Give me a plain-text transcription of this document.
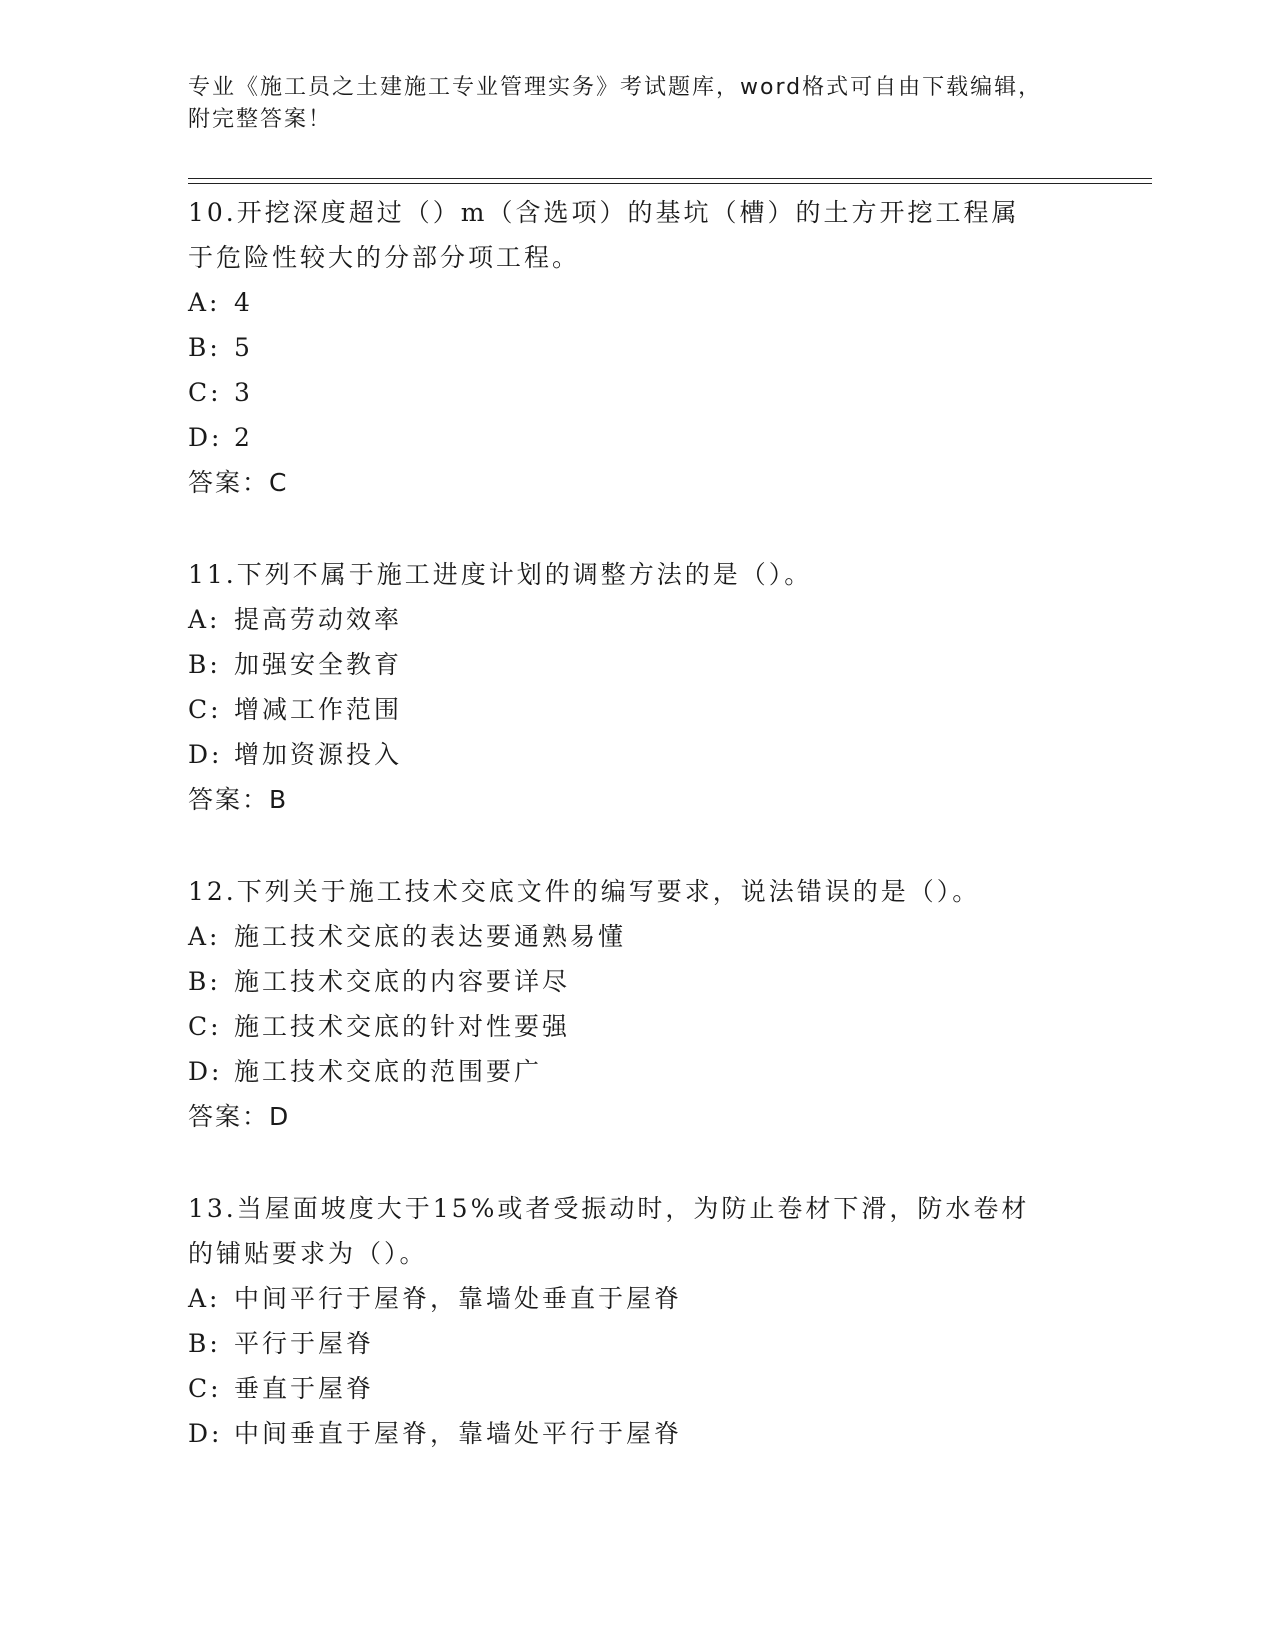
专业《施工员之土建施工专业管理实务》考试题库，word格式可自由下载编辑，
附完整答案！
10.开挖深度超过（）m（含选项）的基坑（槽）的土方开挖工程属于危险性较大的分部分项工程。
A: 4
B: 5
C: 3
D: 2
答案：C
11.下列不属于施工进度计划的调整方法的是（）。
A: 提高劳动效率
B: 加强安全教育
C: 增减工作范围
D: 增加资源投入
答案：B
12.下列关于施工技术交底文件的编写要求，说法错误的是（）。
A: 施工技术交底的表达要通熟易懂
B: 施工技术交底的内容要详尽
C: 施工技术交底的针对性要强
D: 施工技术交底的范围要广
答案：D
13.当屋面坡度大于15%或者受振动时，为防止卷材下滑，防水卷材的铺贴要求为（）。
A: 中间平行于屋脊，靠墙处垂直于屋脊
B: 平行于屋脊
C: 垂直于屋脊
D: 中间垂直于屋脊，靠墙处平行于屋脊
